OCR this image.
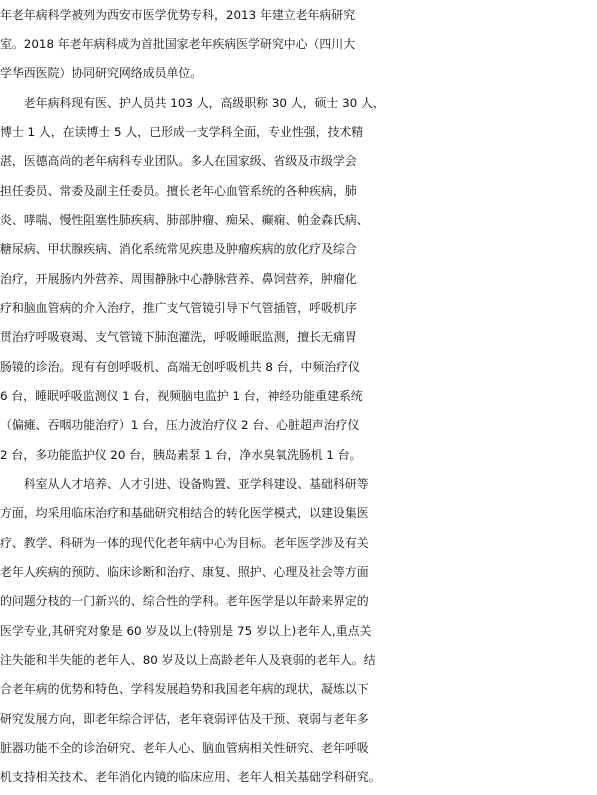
年老年病科学被列为西安市医学优势专科，2013 年建立老年病研究
室。2018 年老年病科成为首批国家老年疾病医学研究中心（四川大
学华西医院）协同研究网络成员单位。
　　老年病科现有医、护人员共 103 人，高级职称 30 人，硕士 30 人，
博士 1 人，在读博士 5 人，已形成一支学科全面，专业性强，技术精
湛，医德高尚的老年病科专业团队。多人在国家级、省级及市级学会
担任委员、常委及副主任委员。擅长老年心血管系统的各种疾病，肺
炎、哮喘、慢性阻塞性肺疾病、肺部肿瘤、痴呆、癫痫、帕金森氏病、
糖尿病、甲状腺疾病、消化系统常见疾患及肿瘤疾病的放化疗及综合
治疗，开展肠内外营养、周围静脉中心静脉营养、鼻饲营养，肿瘤化
疗和脑血管病的介入治疗，推广支气管镜引导下气管插管，呼吸机序
贯治疗呼吸衰竭、支气管镜下肺泡灌洗，呼吸睡眠监测，擅长无痛胃
肠镜的诊治。现有有创呼吸机、高端无创呼吸机共 8 台，中频治疗仪
6 台，睡眠呼吸监测仪 1 台，视频脑电监护 1 台，神经功能重建系统
（偏瘫、吞咽功能治疗）1 台，压力波治疗仪 2 台、心脏超声治疗仪
2 台，多功能监护仪 20 台，胰岛素泵 1 台，净水臭氧洗肠机 1 台。
　　科室从人才培养、人才引进、设备购置、亚学科建设、基础科研等
方面，均采用临床治疗和基础研究相结合的转化医学模式，以建设集医
疗、教学、科研为一体的现代化老年病中心为目标。老年医学涉及有关
老年人疾病的预防、临床诊断和治疗、康复、照护、心理及社会等方面
的问题分枝的一门新兴的、综合性的学科。老年医学是以年龄来界定的
医学专业,其研究对象是 60 岁及以上(特别是 75 岁以上)老年人,重点关
注失能和半失能的老年人、80 岁及以上高龄老年人及衰弱的老年人。结
合老年病的优势和特色、学科发展趋势和我国老年病的现状，凝炼以下
研究发展方向，即老年综合评估，老年衰弱评估及干预、衰弱与老年多
脏器功能不全的诊治研究、老年人心、脑血管病相关性研究、老年呼吸
机支持相关技术、老年消化内镜的临床应用、老年人相关基础学科研究。
